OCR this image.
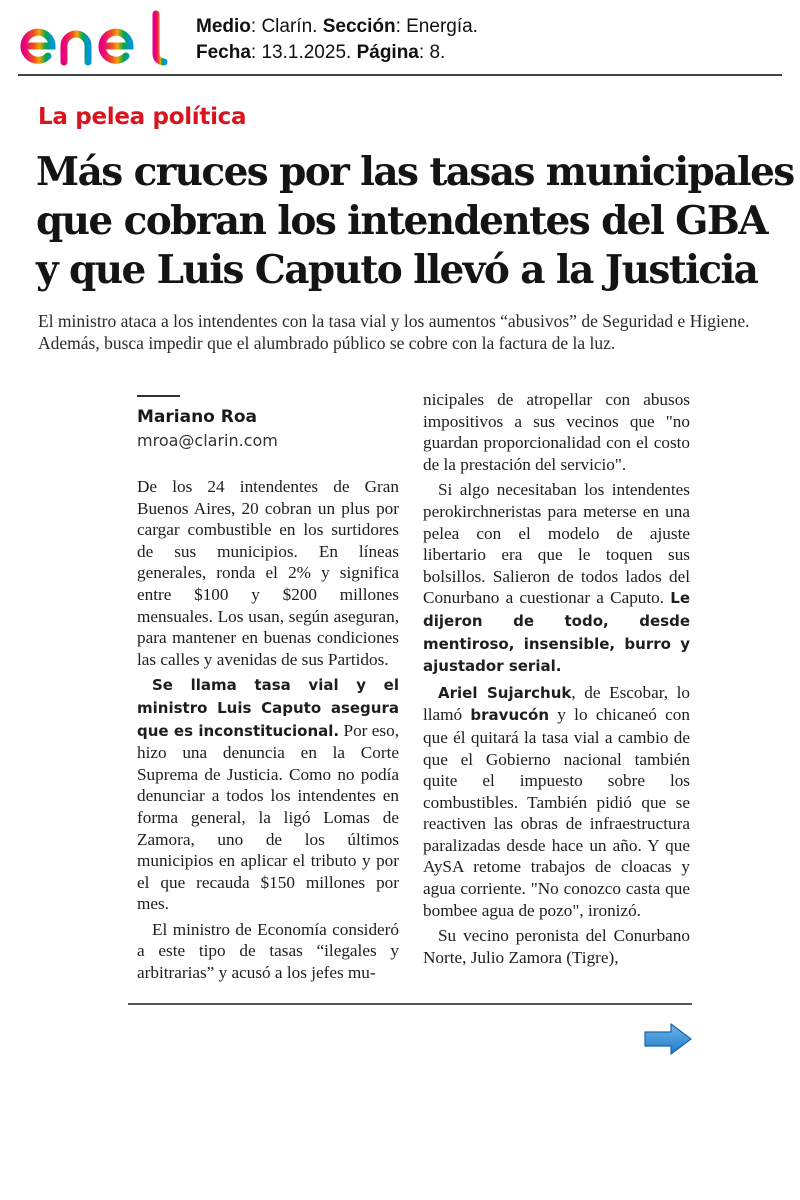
Medio: Clarín. Sección: Energía.
Fecha: 13.1.2025. Página: 8.
La pelea política
Más cruces por las tasas municipales
que cobran los intendentes del GBA
y que Luis Caputo llevó a la Justicia

El ministro ataca a los intendentes con la tasa vial y los aumentos “abusivos” de Seguridad e Higiene. Además, busca impedir que el alumbrado público se cobre con la factura de la luz.

Mariano Roa
mroa@clarin.com

De los 24 intendentes de Gran Buenos Aires, 20 cobran un plus por cargar combustible en los surtidores de sus municipios. En líneas generales, ronda el 2% y significa entre $100 y $200 millones mensuales. Los usan, según aseguran, para mantener en buenas condiciones las calles y avenidas de sus Partidos.

Se llama tasa vial y el ministro Luis Caputo asegura que es inconstitucional. Por eso, hizo una denuncia en la Corte Suprema de Justicia. Como no podía denunciar a todos los intendentes en forma general, la ligó Lomas de Zamora, uno de los últimos municipios en aplicar el tributo y por el que recauda $150 millones por mes.

El ministro de Economía consideró a este tipo de tasas “ilegales y arbitrarias” y acusó a los jefes mu-

nicipales de atropellar con abusos impositivos a sus vecinos que "no guardan proporcionalidad con el costo de la prestación del servicio".

Si algo necesitaban los intendentes perokirchneristas para meterse en una pelea con el modelo de ajuste libertario era que le toquen sus bolsillos. Salieron de todos lados del Conurbano a cuestionar a Caputo. Le dijeron de todo, desde mentiroso, insensible, burro y ajustador serial.

Ariel Sujarchuk, de Escobar, lo llamó bravucón y lo chicaneó con que él quitará la tasa vial a cambio de que el Gobierno nacional también quite el impuesto sobre los combustibles. También pidió que se reactiven las obras de infraestructura paralizadas desde hace un año. Y que AySA retome trabajos de cloacas y agua corriente. "No conozco casta que bombee agua de pozo", ironizó.

Su vecino peronista del Conurbano Norte, Julio Zamora (Tigre),
